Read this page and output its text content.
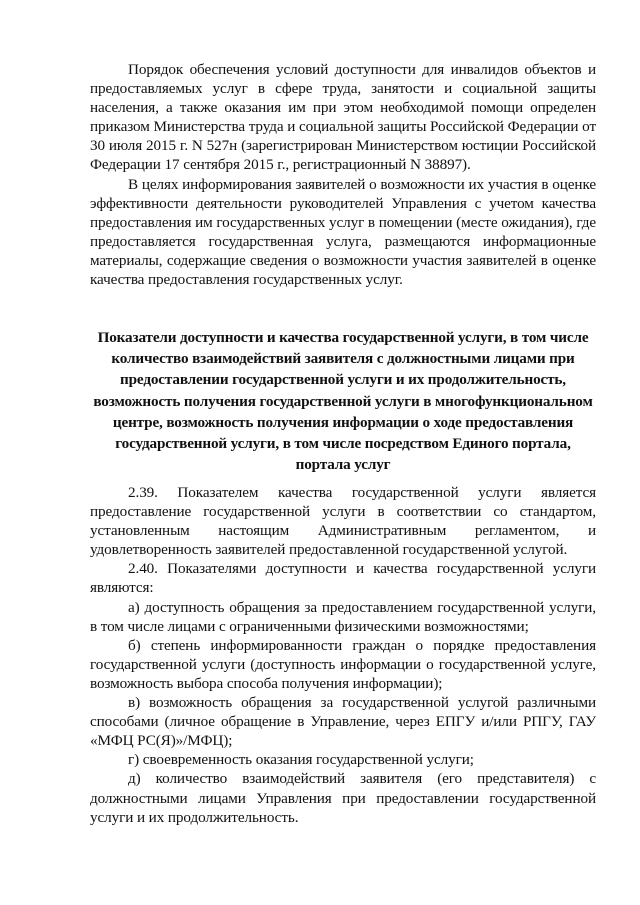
Порядок обеспечения условий доступности для инвалидов объектов и предоставляемых услуг в сфере труда, занятости и социальной защиты населения, а также оказания им при этом необходимой помощи определен приказом Министерства труда и социальной защиты Российской Федерации от 30 июля 2015 г. N 527н (зарегистрирован Министерством юстиции Российской Федерации 17 сентября 2015 г., регистрационный N 38897).

В целях информирования заявителей о возможности их участия в оценке эффективности деятельности руководителей Управления с учетом качества предоставления им государственных услуг в помещении (месте ожидания), где предоставляется государственная услуга, размещаются информационные материалы, содержащие сведения о возможности участия заявителей в оценке качества предоставления государственных услуг.

Показатели доступности и качества государственной услуги, в том числе количество взаимодействий заявителя с должностными лицами при предоставлении государственной услуги и их продолжительность, возможность получения государственной услуги в многофункциональном центре, возможность получения информации о ходе предоставления государственной услуги, в том числе посредством Единого портала, портала услуг

2.39. Показателем качества государственной услуги является предоставление государственной услуги в соответствии со стандартом, установленным настоящим Административным регламентом, и удовлетворенность заявителей предоставленной государственной услугой.

2.40. Показателями доступности и качества государственной услуги являются:

а) доступность обращения за предоставлением государственной услуги, в том числе лицами с ограниченными физическими возможностями;

б) степень информированности граждан о порядке предоставления государственной услуги (доступность информации о государственной услуге, возможность выбора способа получения информации);

в) возможность обращения за государственной услугой различными способами (личное обращение в Управление, через ЕПГУ и/или РПГУ, ГАУ «МФЦ РС(Я)»/МФЦ);

г) своевременность оказания государственной услуги;

д) количество взаимодействий заявителя (его представителя) с должностными лицами Управления при предоставлении государственной услуги и их продолжительность.
